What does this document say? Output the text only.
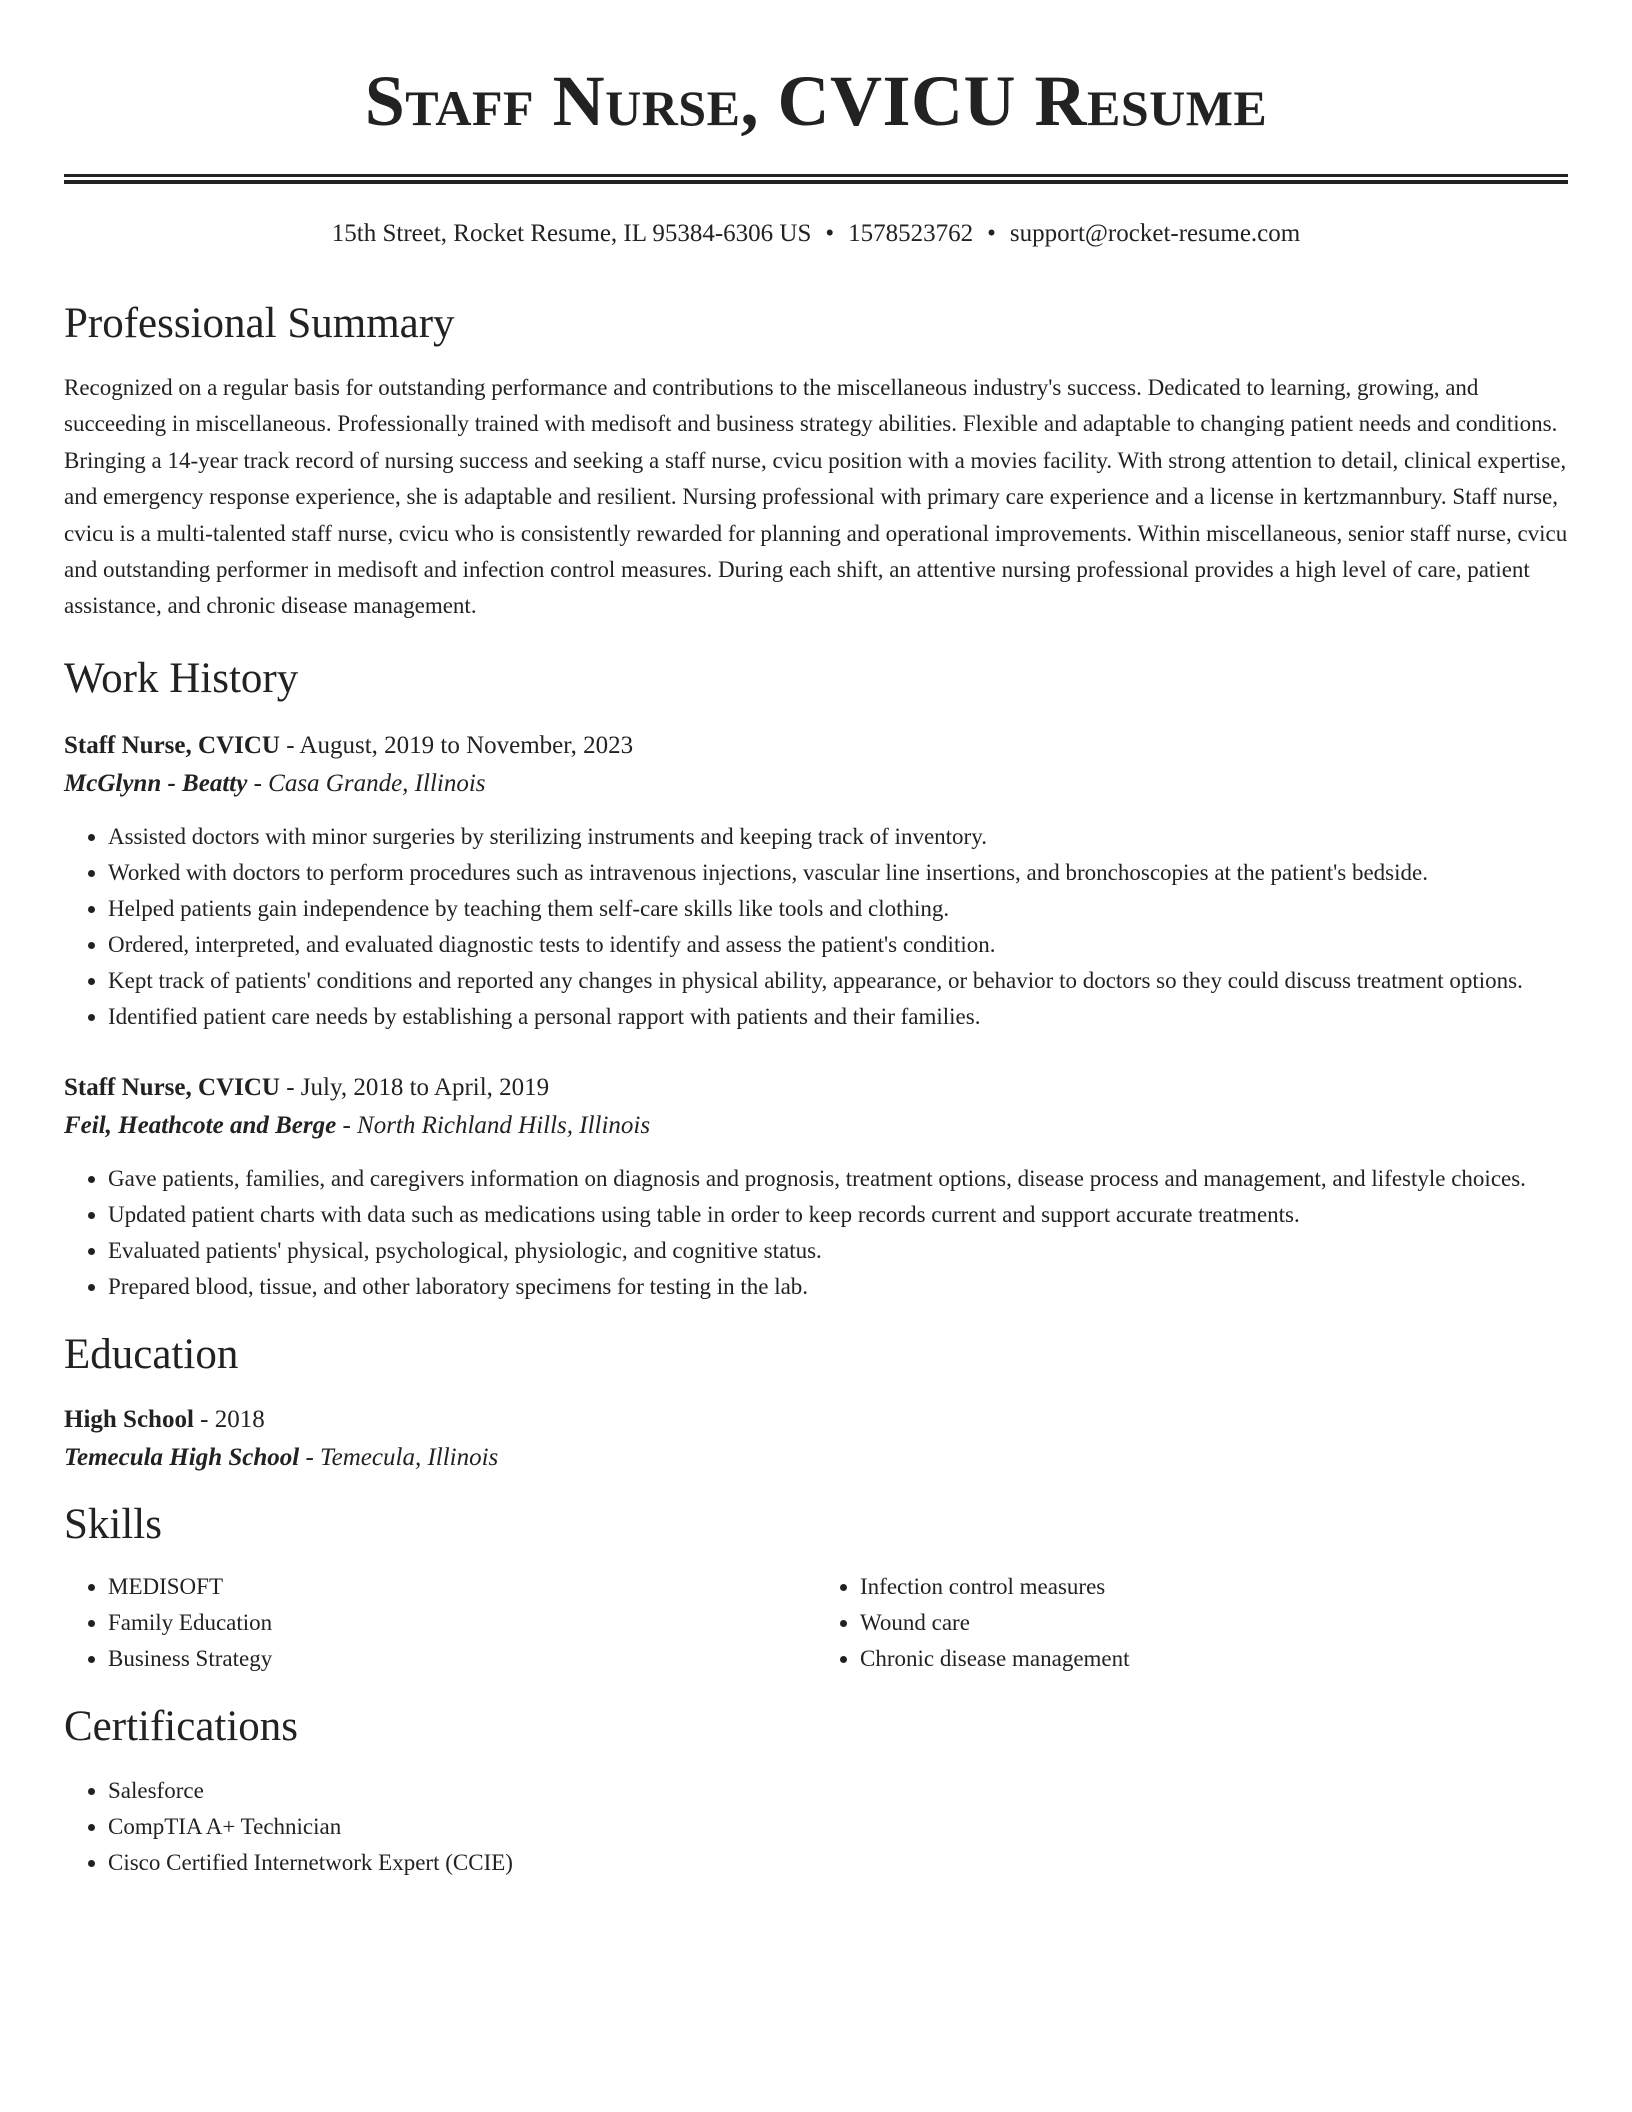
Staff Nurse, CVICU Resume
15th Street, Rocket Resume, IL 95384-6306 US • 1578523762 • support@rocket-resume.com
Professional Summary

Recognized on a regular basis for outstanding performance and contributions to the miscellaneous industry's success. Dedicated to learning, growing, and succeeding in miscellaneous. Professionally trained with medisoft and business strategy abilities. Flexible and adaptable to changing patient needs and conditions. Bringing a 14-year track record of nursing success and seeking a staff nurse, cvicu position with a movies facility. With strong attention to detail, clinical expertise, and emergency response experience, she is adaptable and resilient. Nursing professional with primary care experience and a license in kertzmannbury. Staff nurse, cvicu is a multi-talented staff nurse, cvicu who is consistently rewarded for planning and operational improvements. Within miscellaneous, senior staff nurse, cvicu and outstanding performer in medisoft and infection control measures. During each shift, an attentive nursing professional provides a high level of care, patient assistance, and chronic disease management.

Work History

Staff Nurse, CVICU - August, 2019 to November, 2023

McGlynn - Beatty - Casa Grande, Illinois

• Assisted doctors with minor surgeries by sterilizing instruments and keeping track of inventory.
• Worked with doctors to perform procedures such as intravenous injections, vascular line insertions, and bronchoscopies at the patient's bedside.
• Helped patients gain independence by teaching them self-care skills like tools and clothing.
• Ordered, interpreted, and evaluated diagnostic tests to identify and assess the patient's condition.
• Kept track of patients' conditions and reported any changes in physical ability, appearance, or behavior to doctors so they could discuss treatment options.
• Identified patient care needs by establishing a personal rapport with patients and their families.

Staff Nurse, CVICU - July, 2018 to April, 2019

Feil, Heathcote and Berge - North Richland Hills, Illinois

• Gave patients, families, and caregivers information on diagnosis and prognosis, treatment options, disease process and management, and lifestyle choices.
• Updated patient charts with data such as medications using table in order to keep records current and support accurate treatments.
• Evaluated patients' physical, psychological, physiologic, and cognitive status.
• Prepared blood, tissue, and other laboratory specimens for testing in the lab.
Education

High School - 2018

Temecula High School - Temecula, Illinois

Skills
• MEDISOFT
• Family Education
• Business Strategy
• Infection control measures
• Wound care
• Chronic disease management
Certifications
• Salesforce
• CompTIA A+ Technician
• Cisco Certified Internetwork Expert (CCIE)
